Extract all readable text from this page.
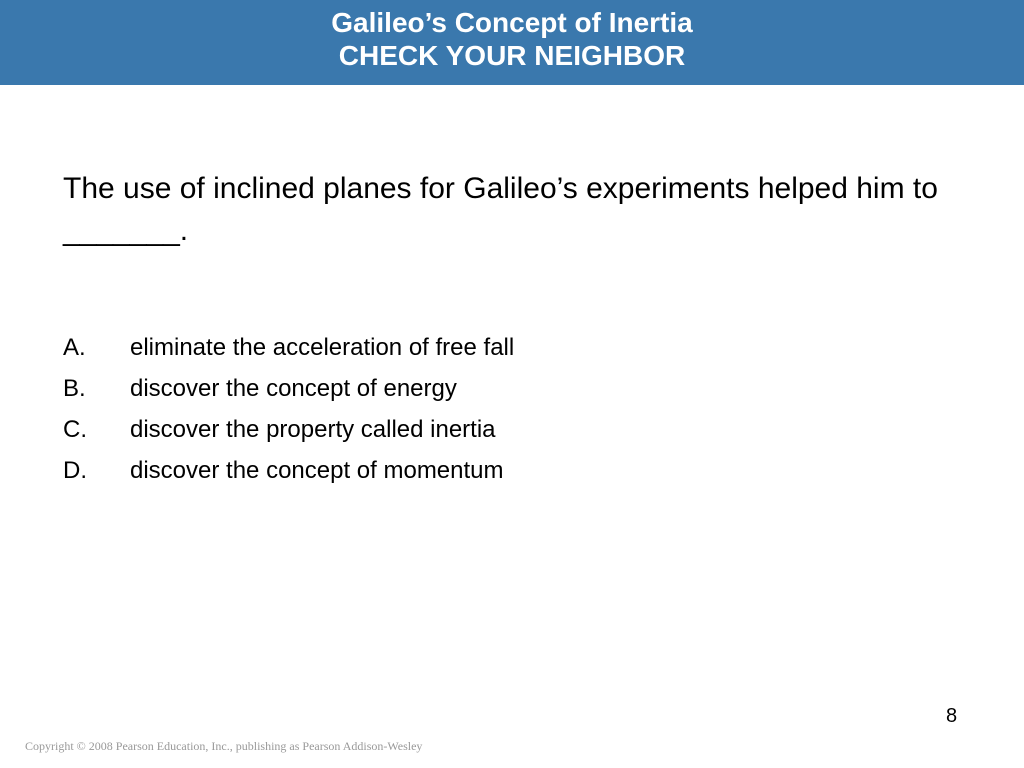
Galileo’s Concept of Inertia
CHECK YOUR NEIGHBOR
The use of inclined planes for Galileo’s experiments helped him to _______.
A.	eliminate the acceleration of free fall
B.	discover the concept of energy
C.	discover the property called inertia
D.	discover the concept of momentum
8
Copyright © 2008 Pearson Education, Inc., publishing as Pearson Addison-Wesley
